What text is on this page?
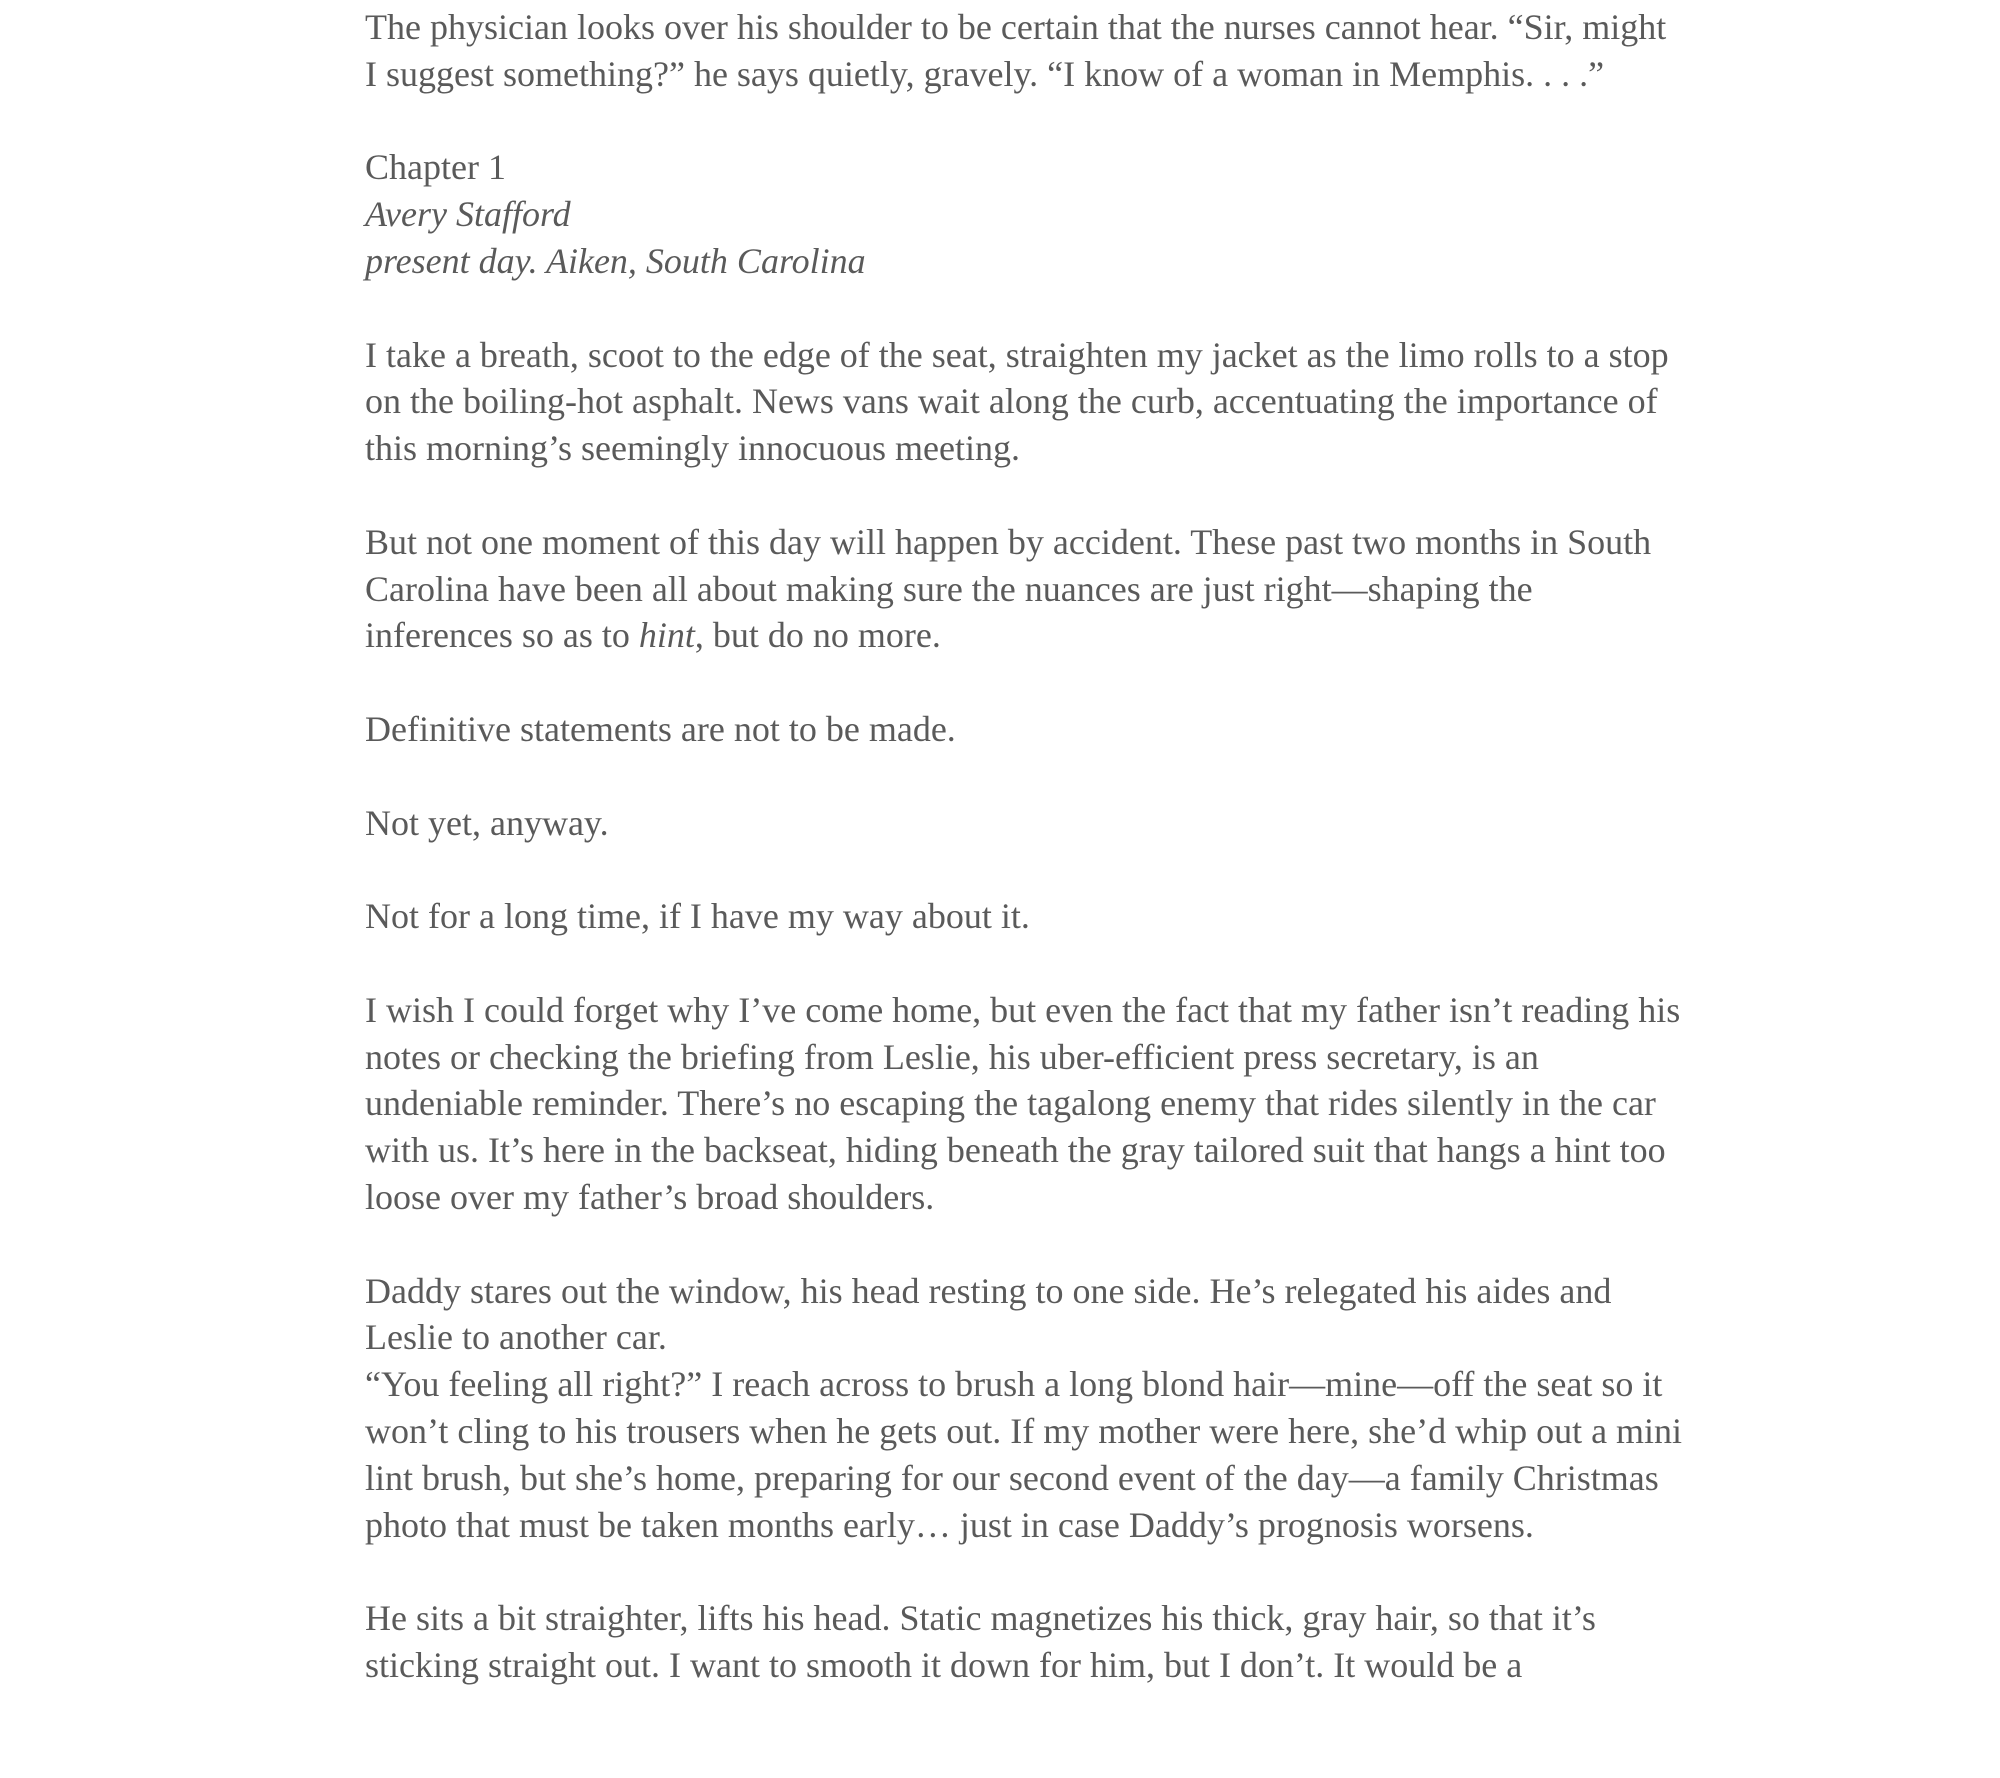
The physician looks over his shoulder to be certain that the nurses cannot hear. “Sir, might I suggest something?” he says quietly, gravely. “I know of a woman in Memphis. . . .”

Chapter 1

Avery Stafford

present day. Aiken, South Carolina

I take a breath, scoot to the edge of the seat, straighten my jacket as the limo rolls to a stop on the boiling-hot asphalt. News vans wait along the curb, accentuating the importance of this morning’s seemingly innocuous meeting.

But not one moment of this day will happen by accident. These past two months in South Carolina have been all about making sure the nuances are just right—shaping the inferences so as to hint, but do no more.

Definitive statements are not to be made.

Not yet, anyway.

Not for a long time, if I have my way about it.

I wish I could forget why I’ve come home, but even the fact that my father isn’t reading his notes or checking the briefing from Leslie, his uber-efficient press secretary, is an undeniable reminder. There’s no escaping the tagalong enemy that rides silently in the car with us. It’s here in the backseat, hiding beneath the gray tailored suit that hangs a hint too loose over my father’s broad shoulders.

Daddy stares out the window, his head resting to one side. He’s relegated his aides and Leslie to another car.

“You feeling all right?” I reach across to brush a long blond hair—mine—off the seat so it won’t cling to his trousers when he gets out. If my mother were here, she’d whip out a mini lint brush, but she’s home, preparing for our second event of the day—a family Christmas photo that must be taken months early… just in case Daddy’s prognosis worsens.

He sits a bit straighter, lifts his head. Static magnetizes his thick, gray hair, so that it’s sticking straight out. I want to smooth it down for him, but I don’t. It would be a
